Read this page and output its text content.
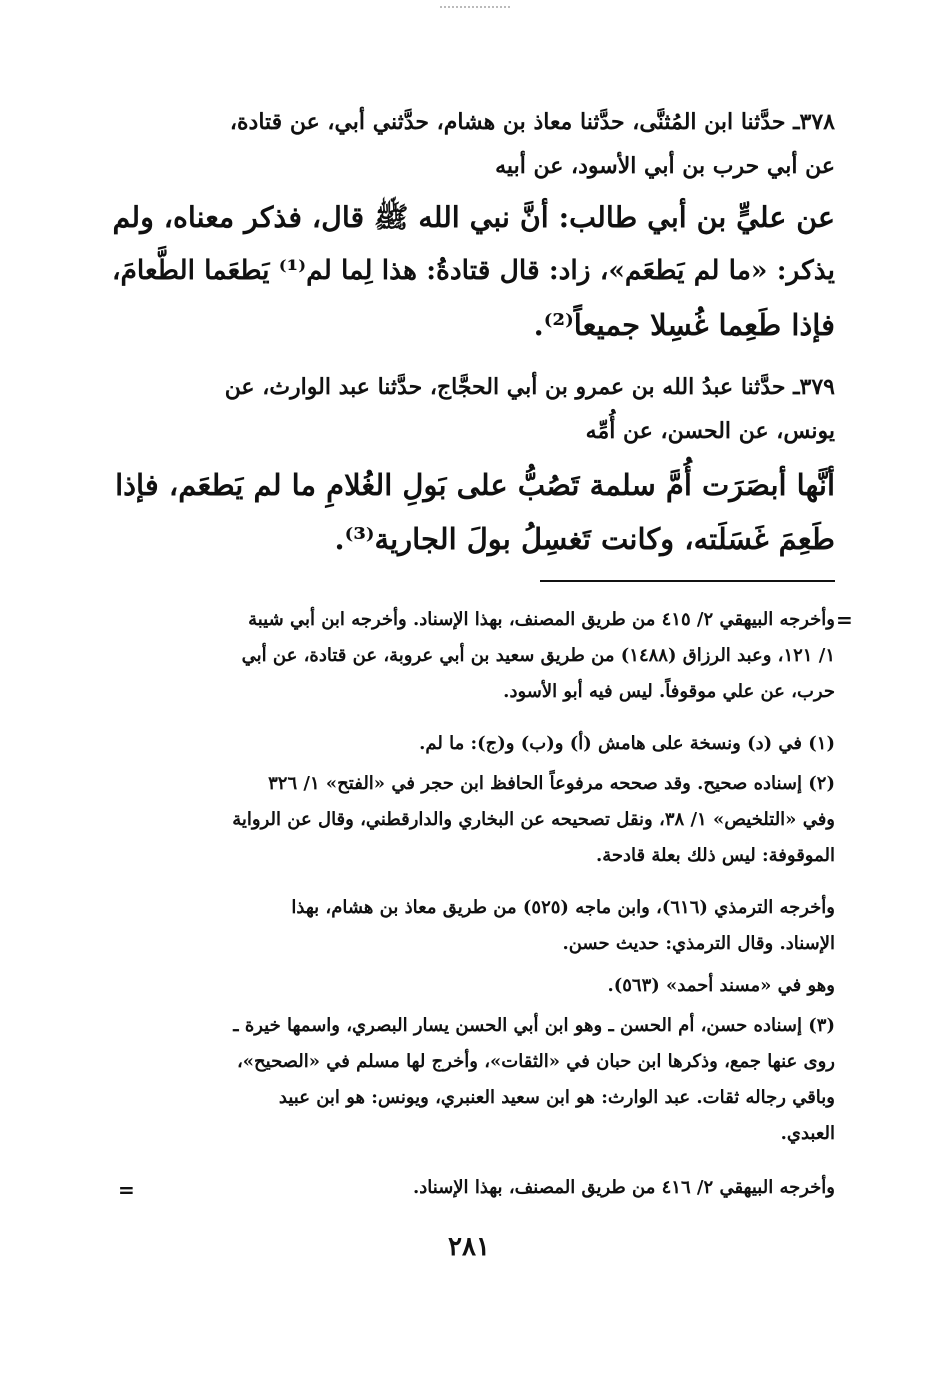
٣٧٨ـ حدَّثنا ابن المُثنَّى، حدَّثنا معاذ بن هشام، حدَّثني أبي، عن قتادة،
عن أبي حرب بن أبي الأسود، عن أبيه
عن عليٍّ بن أبي طالب: أنَّ نبي الله ﷺ قال، فذكر معناه، ولم
يذكر: «ما لم يَطعَم»، زاد: قال قتادةُ: هذا لِما لم⁽¹⁾ يَطعَما الطَّعامَ،
فإذا طَعِما غُسِلا جميعاً⁽²⁾.
٣٧٩ـ حدَّثنا عبدُ الله بن عمرو بن أبي الحجَّاج، حدَّثنا عبد الوارث، عن
يونس، عن الحسن، عن أُمِّه
أنَّها أبصَرَت أُمَّ سلمة تَصُبُّ على بَولِ الغُلامِ ما لم يَطعَم، فإذا
طَعِمَ غَسَلَته، وكانت تَغسِلُ بولَ الجارية⁽³⁾.
=
وأخرجه البيهقي ٢/ ٤١٥ من طريق المصنف، بهذا الإسناد. وأخرجه ابن أبي شيبة
١/ ١٢١، وعبد الرزاق (١٤٨٨) من طريق سعيد بن أبي عروبة، عن قتادة، عن أبي
حرب، عن علي موقوفاً. ليس فيه أبو الأسود.
(١) في (د) ونسخة على هامش (أ) و(ب) و(ج): ما لم.
(٢) إسناده صحيح. وقد صححه مرفوعاً الحافظ ابن حجر في «الفتح» ١/ ٣٢٦
وفي «التلخيص» ١/ ٣٨، ونقل تصحيحه عن البخاري والدارقطني، وقال عن الرواية
الموقوفة: ليس ذلك بعلة قادحة.
وأخرجه الترمذي (٦١٦)، وابن ماجه (٥٢٥) من طريق معاذ بن هشام، بهذا
الإسناد. وقال الترمذي: حديث حسن.
وهو في «مسند أحمد» (٥٦٣).
(٣) إسناده حسن، أم الحسن ـ وهو ابن أبي الحسن يسار البصري، واسمها خيرة ـ
روى عنها جمع، وذكرها ابن حبان في «الثقات»، وأخرج لها مسلم في «الصحيح»،
وباقي رجاله ثقات. عبد الوارث: هو ابن سعيد العنبري، ويونس: هو ابن عبيد
العبدي.
وأخرجه البيهقي ٢/ ٤١٦ من طريق المصنف، بهذا الإسناد.
=
٢٨١
